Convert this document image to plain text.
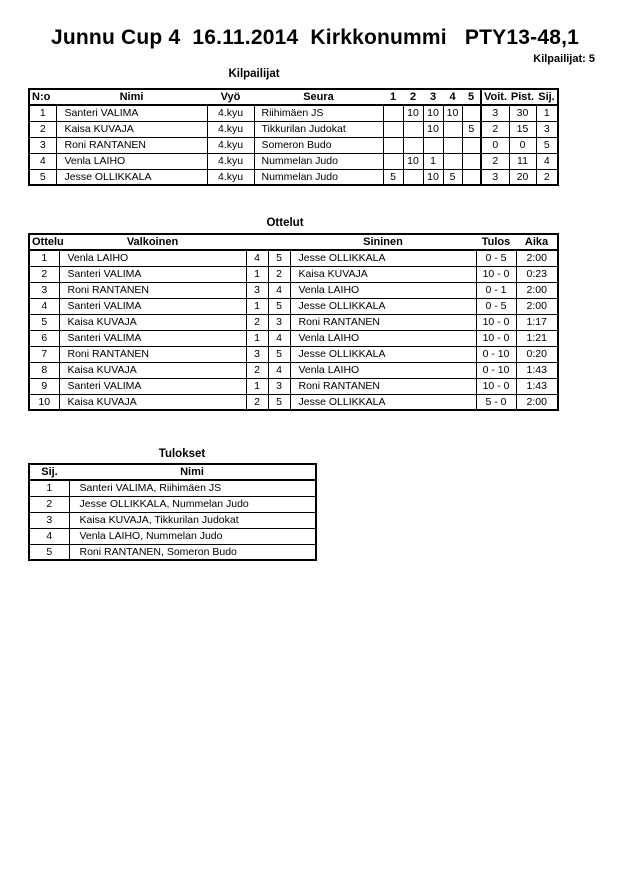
Junnu Cup 4  16.11.2014  Kirkkonummi   PTY13-48,1
Kilpailijat: 5
Kilpailijat
N:o	Nimi	Vyö	Seura	1	2	3	4	5	Voit.	Pist.	Sij.
1	Santeri VALIMA	4.kyu	Riihimäen JS		10	10	10		3	30	1
2	Kaisa KUVAJA	4.kyu	Tikkurilan Judokat			10		5	2	15	3
3	Roni RANTANEN	4.kyu	Someron Budo						0	0	5
4	Venla LAIHO	4.kyu	Nummelan Judo		10	1			2	11	4
5	Jesse OLLIKKALA	4.kyu	Nummelan Judo	5		10	5		3	20	2
Ottelut
Ottelu	Valkoinen			Sininen	Tulos	Aika
1	Venla LAIHO	4	5	Jesse OLLIKKALA	0 - 5	2:00
2	Santeri VALIMA	1	2	Kaisa KUVAJA	10 - 0	0:23
3	Roni RANTANEN	3	4	Venla LAIHO	0 - 1	2:00
4	Santeri VALIMA	1	5	Jesse OLLIKKALA	0 - 5	2:00
5	Kaisa KUVAJA	2	3	Roni RANTANEN	10 - 0	1:17
6	Santeri VALIMA	1	4	Venla LAIHO	10 - 0	1:21
7	Roni RANTANEN	3	5	Jesse OLLIKKALA	0 - 10	0:20
8	Kaisa KUVAJA	2	4	Venla LAIHO	0 - 10	1:43
9	Santeri VALIMA	1	3	Roni RANTANEN	10 - 0	1:43
10	Kaisa KUVAJA	2	5	Jesse OLLIKKALA	5 - 0	2:00
Tulokset
Sij.	Nimi
1	Santeri VALIMA, Riihimäen JS
2	Jesse OLLIKKALA, Nummelan Judo
3	Kaisa KUVAJA, Tikkurilan Judokat
4	Venla LAIHO, Nummelan Judo
5	Roni RANTANEN, Someron Budo
